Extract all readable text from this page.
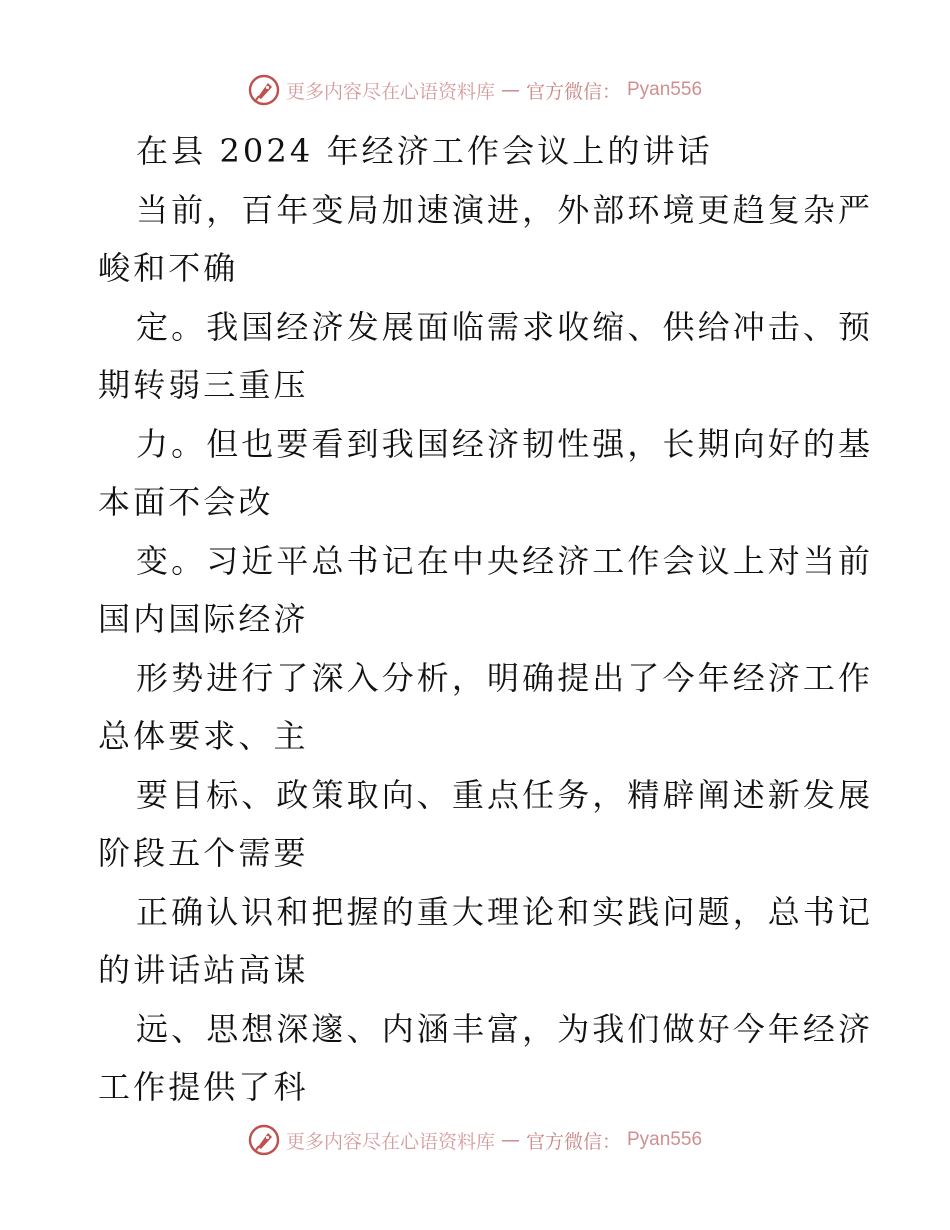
更多内容尽在心语资料库 — 官方微信： Pyan556
在县 2024 年经济工作会议上的讲话
当前，百年变局加速演进，外部环境更趋复杂严
峻和不确
定。我国经济发展面临需求收缩、供给冲击、预
期转弱三重压
力。但也要看到我国经济韧性强，长期向好的基
本面不会改
变。习近平总书记在中央经济工作会议上对当前
国内国际经济
形势进行了深入分析，明确提出了今年经济工作
总体要求、主
要目标、政策取向、重点任务，精辟阐述新发展
阶段五个需要
正确认识和把握的重大理论和实践问题，总书记
的讲话站高谋
远、思想深邃、内涵丰富，为我们做好今年经济
工作提供了科
更多内容尽在心语资料库 — 官方微信： Pyan556
